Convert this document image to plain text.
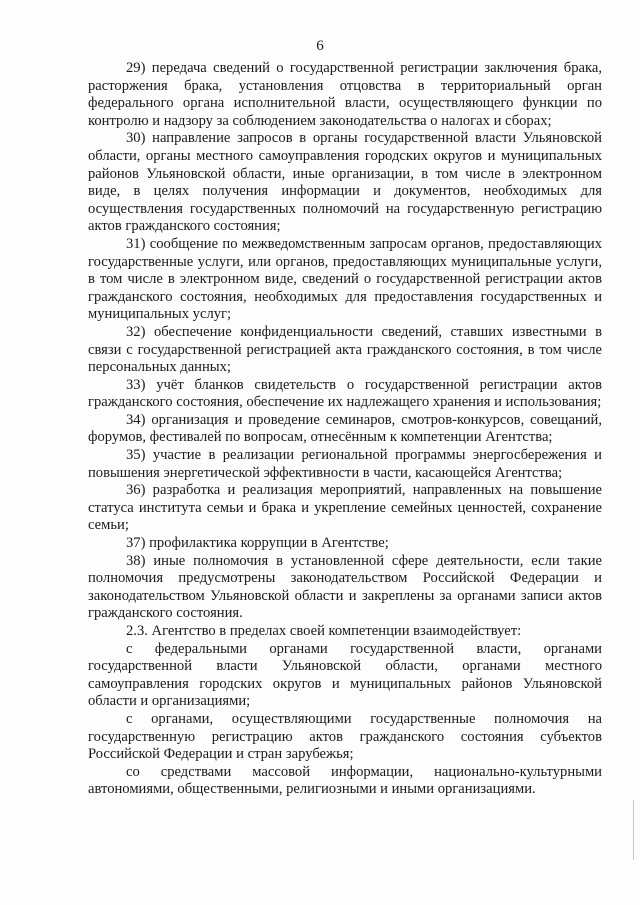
6

29) передача сведений о государственной регистрации заключения брака, расторжения брака, установления отцовства в территориальный орган федерального органа исполнительной власти, осуществляющего функции по контролю и надзору за соблюдением законодательства о налогах и сборах;

30) направление запросов в органы государственной власти Ульяновской области, органы местного самоуправления городских округов и муниципальных районов Ульяновской области, иные организации, в том числе в электронном виде, в целях получения информации и документов, необходимых для осуществления государственных полномочий на государственную регистрацию актов гражданского состояния;

31) сообщение по межведомственным запросам органов, предоставляющих государственные услуги, или органов, предоставляющих муниципальные услуги, в том числе в электронном виде, сведений о государственной регистрации актов гражданского состояния, необходимых для предоставления государственных и муниципальных услуг;

32) обеспечение конфиденциальности сведений, ставших известными в связи с государственной регистрацией акта гражданского состояния, в том числе персональных данных;

33) учёт бланков свидетельств о государственной регистрации актов гражданского состояния, обеспечение их надлежащего хранения и использования;

34) организация и проведение семинаров, смотров-конкурсов, совещаний, форумов, фестивалей по вопросам, отнесённым к компетенции Агентства;

35) участие в реализации региональной программы энергосбережения и повышения энергетической эффективности в части, касающейся Агентства;

36) разработка и реализация мероприятий, направленных на повышение статуса института семьи и брака и укрепление семейных ценностей, сохранение семьи;

37) профилактика коррупции в Агентстве;

38) иные полномочия в установленной сфере деятельности, если такие полномочия предусмотрены законодательством Российской Федерации и законодательством Ульяновской области и закреплены за органами записи актов гражданского состояния.

2.3. Агентство в пределах своей компетенции взаимодействует:

с федеральными органами государственной власти, органами государственной власти Ульяновской области, органами местного самоуправления городских округов и муниципальных районов Ульяновской области и организациями;

с органами, осуществляющими государственные полномочия на государственную регистрацию актов гражданского состояния субъектов Российской Федерации и стран зарубежья;

со средствами массовой информации, национально-культурными автономиями, общественными, религиозными и иными организациями.
